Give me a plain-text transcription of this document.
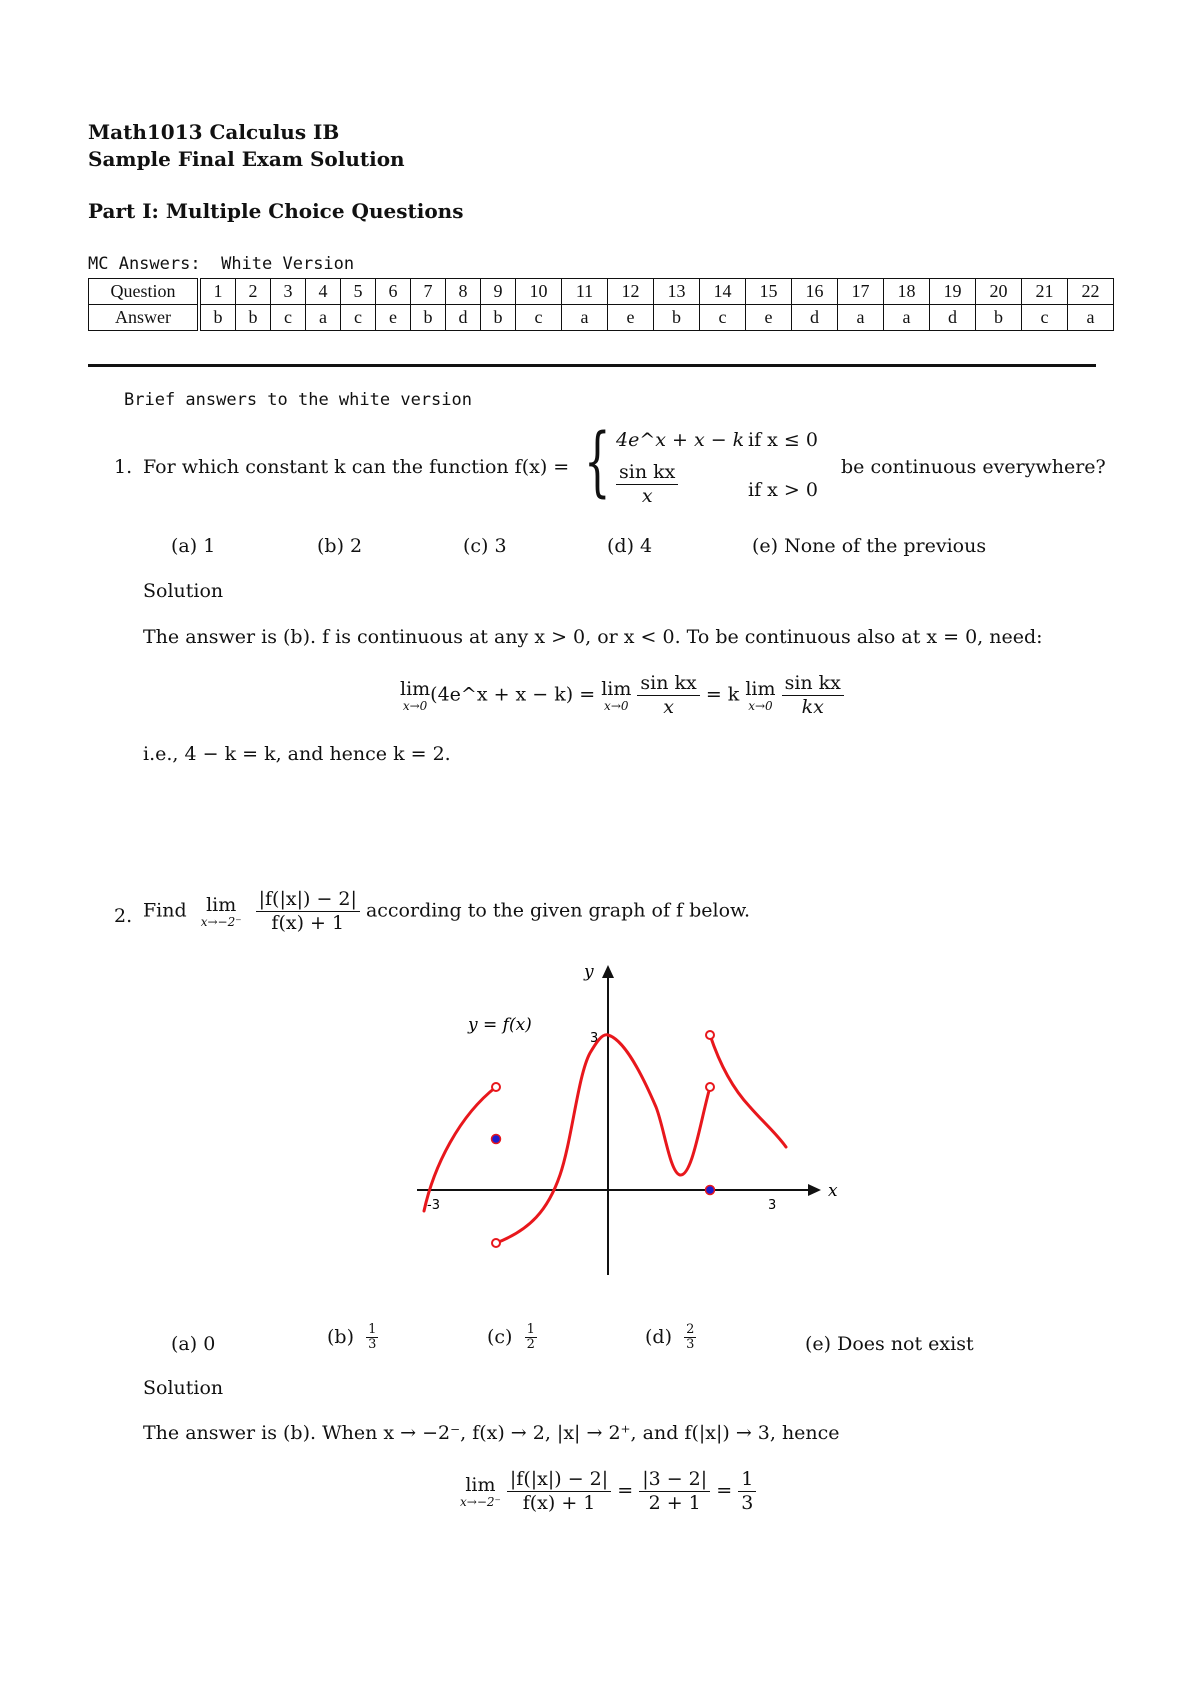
Math1013 Calculus IB
Sample Final Exam Solution
Part I: Multiple Choice Questions
MC Answers: White Version
Question	1	2	3	4	5	6	7	8	9	10	11	12	13	14	15	16	17	18	19	20	21	22
Answer	b	b	c	a	c	e	b	d	b	c	a	e	b	c	e	d	a	a	d	b	c	a
Brief answers to the white version
1. For which constant k can the function f(x) = { 4e^x + x − k if x ≤ 0
$\frac{\text{sin kx}}{x}$	if x > 0
be continuous everywhere?
(a) 1	(b) 2	(c) 3	(d) 4	(e) None of the previous
Solution
The answer is (b). f is continuous at any x > 0, or x < 0. To be continuous also at x = 0, need:
lim
x→0
(4e^x + x − k) = lim
x→0
$\frac{\text{sin kx}}{x} = k$ lim
x→0
$\frac{\text{sin kx}}{kx}$
i.e., 4 − k = k, and hence k = 2.
2. Find lim
x→−2⁻
$\frac{|f(|x|) - 2|}{f(x) + 1}$ according to the given graph of f below.
x
y
y = f(x)
-3	3
3
(a) 0	$(b) \frac{1}{3}$	$(c) \frac{1}{2}$	$(d) \frac{2}{3}$	(e) Does not exist
Solution
The answer is (b). When x → −2⁻, f(x) → 2, |x| → 2⁺, and f(|x|) → 3, hence
lim
x→−2⁻
$\frac{|f(|x|) - 2|}{f(x) + 1} = \frac{|3 - 2|}{2 + 1} = \frac{1}{3}$
